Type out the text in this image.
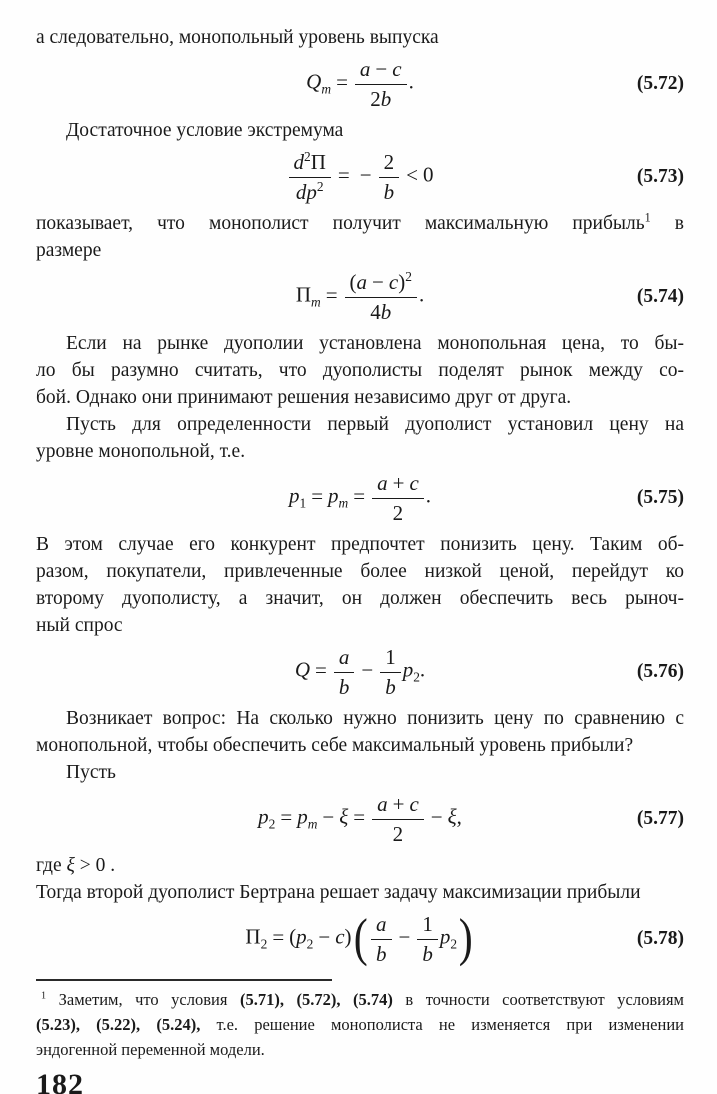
а следовательно, монопольный уровень выпуска
$Q_m = \frac{a - c}{2b}$ .	(5.72)
Достаточное условие экстремума
$\frac{d^2\Pi}{dp^2}$ = − $\frac{2}{b} < 0$	(5.73)
показывает, что монополист получит максимальную прибыль$^1$ в
размере
$\Pi_m = \frac{(a - c)^2}{4b}$ .	(5.74)
Если на рынке дуополии установлена монопольная цена, то бы-
ло бы разумно считать, что дуополисты поделят рынок между со-
бой. Однако они принимают решения независимо друг от друга.
Пусть для определенности первый дуополист установил цену на
уровне монопольной, т.е.
$p_1 = p_m = \frac{a + c}{2}$ .	(5.75)
В этом случае его конкурент предпочтет понизить цену. Таким об-
разом, покупатели, привлеченные более низкой ценой, перейдут ко
второму дуополисту, а значит, он должен обеспечить весь рыноч-
ный спрос
$Q = \frac{a}{b} - \frac{1}{b} p_2$.	(5.76)
Возникает вопрос: На сколько нужно понизить цену по сравнению с
монопольной, чтобы обеспечить себе максимальный уровень прибыли?
Пусть
$p_2 = p_m - \xi = \frac{a + c}{2} - \xi$,	(5.77)
где ξ > 0 .
Тогда второй дуополист Бертрана решает задачу максимизации прибыли
$\Pi_2 = (p_2 - c)( \frac{a}{b} - \frac{1}{b} p_2)$	(5.78)
$^1$ Заметим, что условия (5.71), (5.72), (5.74) в точности соответствуют условиям
(5.23), (5.22), (5.24), т.е. решение монополиста не изменяется при изменении
эндогенной переменной модели.
182
